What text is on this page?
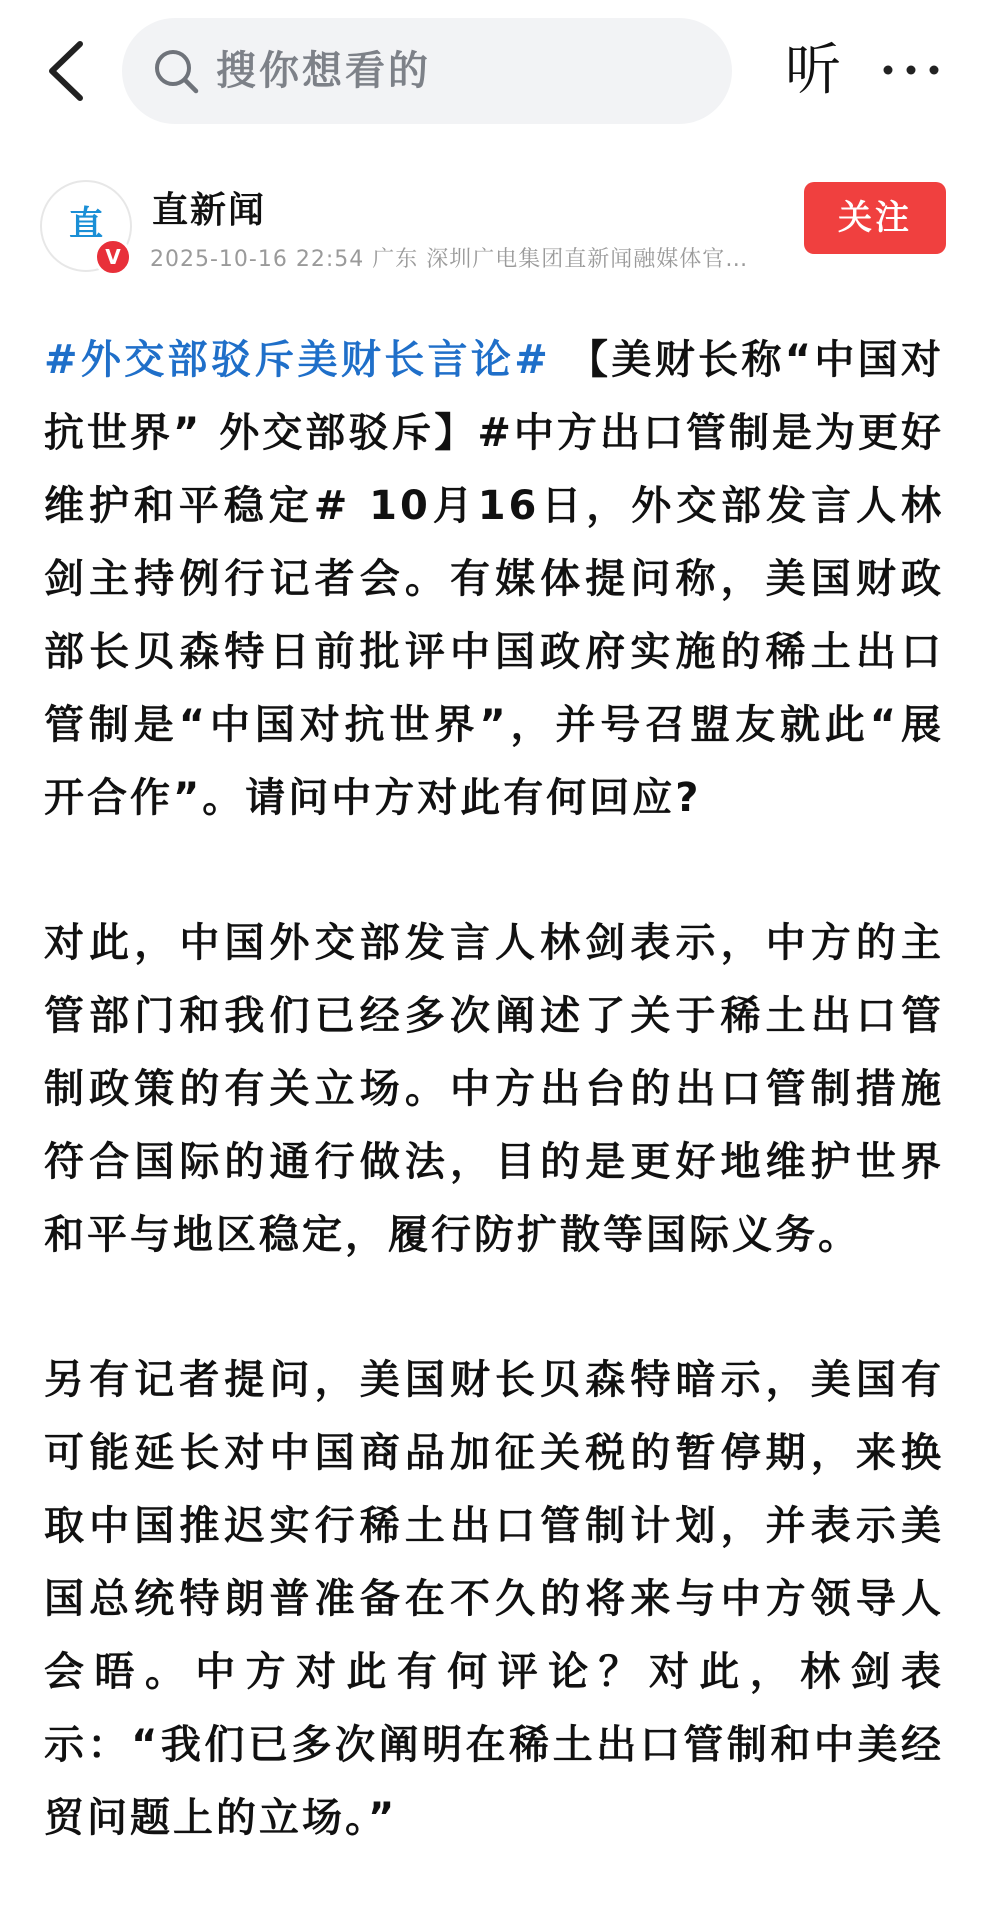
搜你想看的	听
直
V
直新闻
2025-10-16 22:54 广东 深圳广电集团直新闻融媒体官…
关注

#外交部驳斥美财长言论# 【美财长称“中国对抗世界” 外交部驳斥】#中方出口管制是为更好维护和平稳定# 10月16日，外交部发言人林剑主持例行记者会。有媒体提问称，美国财政部长贝森特日前批评中国政府实施的稀土出口管制是“中国对抗世界”，并号召盟友就此“展开合作”。请问中方对此有何回应?

对此，中国外交部发言人林剑表示，中方的主管部门和我们已经多次阐述了关于稀土出口管制政策的有关立场。中方出台的出口管制措施符合国际的通行做法，目的是更好地维护世界和平与地区稳定，履行防扩散等国际义务。

另有记者提问，美国财长贝森特暗示，美国有可能延长对中国商品加征关税的暂停期，来换取中国推迟实行稀土出口管制计划，并表示美国总统特朗普准备在不久的将来与中方领导人会晤。中方对此有何评论？对此，林剑表示：“我们已多次阐明在稀土出口管制和中美经贸问题上的立场。”
